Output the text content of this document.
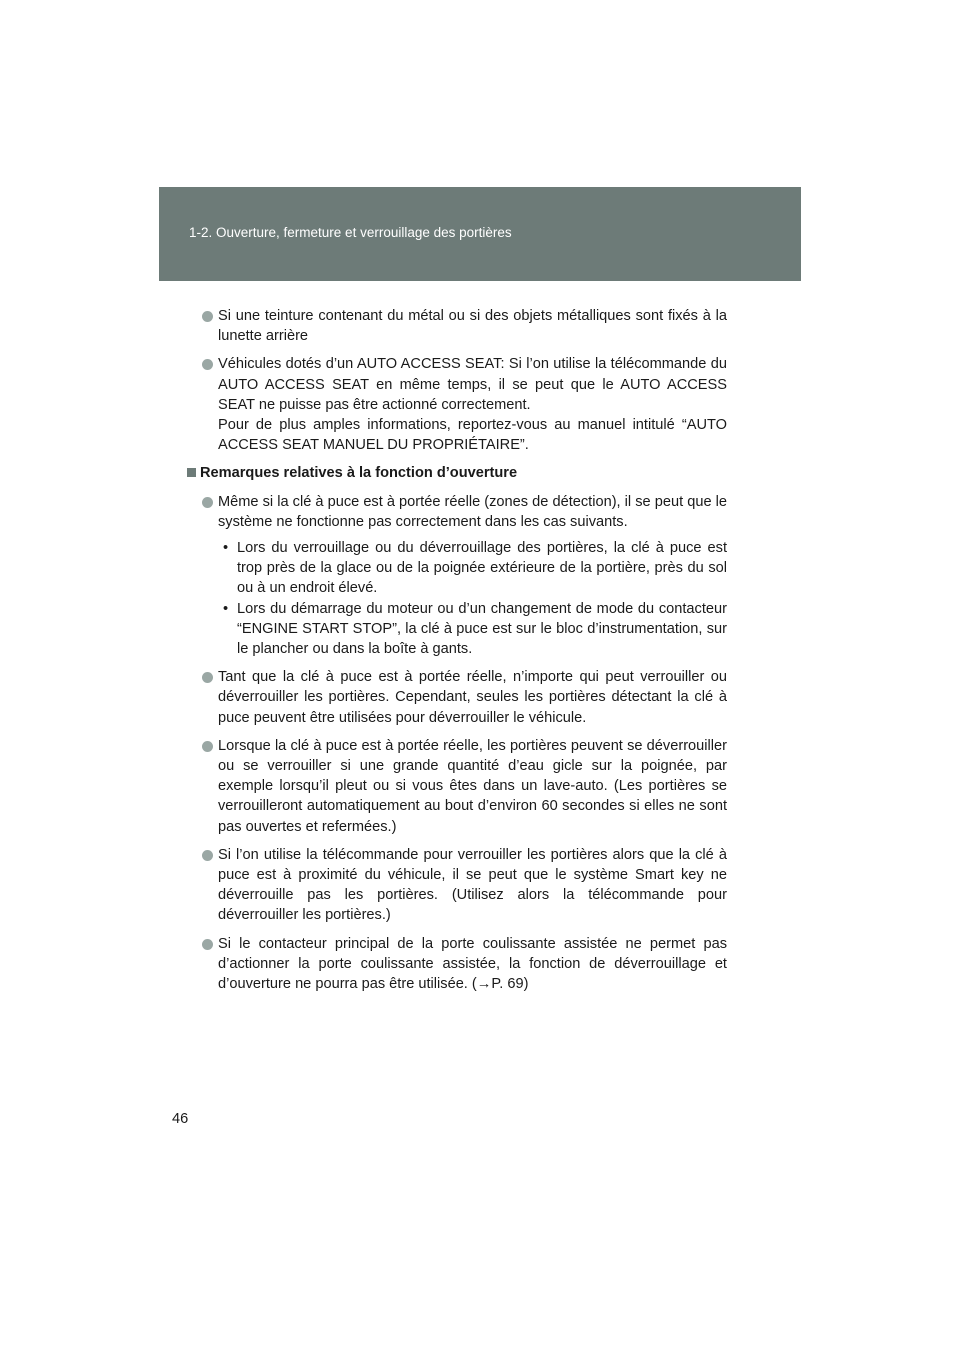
1-2. Ouverture, fermeture et verrouillage des portières

Si une teinture contenant du métal ou si des objets métalliques sont fixés à la lunette arrière

Véhicules dotés d’un AUTO ACCESS SEAT: Si l’on utilise la télécommande du AUTO ACCESS SEAT en même temps, il se peut que le AUTO ACCESS SEAT ne puisse pas être actionné correctement.

Pour de plus amples informations, reportez-vous au manuel intitulé “AUTO ACCESS SEAT MANUEL DU PROPRIÉTAIRE”.

Remarques relatives à la fonction d’ouverture

Même si la clé à puce est à portée réelle (zones de détection), il se peut que le système ne fonctionne pas correctement dans les cas suivants.

• Lors du verrouillage ou du déverrouillage des portières, la clé à puce est trop près de la glace ou de la poignée extérieure de la portière, près du sol ou à un endroit élevé.
• Lors du démarrage du moteur ou d’un changement de mode du contacteur “ENGINE START STOP”, la clé à puce est sur le bloc d’instrumentation, sur le plancher ou dans la boîte à gants.

Tant que la clé à puce est à portée réelle, n’importe qui peut verrouiller ou déverrouiller les portières. Cependant, seules les portières détectant la clé à puce peuvent être utilisées pour déverrouiller le véhicule.

Lorsque la clé à puce est à portée réelle, les portières peuvent se déverrouiller ou se verrouiller si une grande quantité d’eau gicle sur la poignée, par exemple lorsqu’il pleut ou si vous êtes dans un lave-auto. (Les portières se verrouilleront automatiquement au bout d’environ 60 secondes si elles ne sont pas ouvertes et refermées.)

Si l’on utilise la télécommande pour verrouiller les portières alors que la clé à puce est à proximité du véhicule, il se peut que le système Smart key ne déverrouille pas les portières. (Utilisez alors la télécommande pour déverrouiller les portières.)

Si le contacteur principal de la porte coulissante assistée ne permet pas d’actionner la porte coulissante assistée, la fonction de déverrouillage et d’ouverture ne pourra pas être utilisée. (→P. 69)

46
